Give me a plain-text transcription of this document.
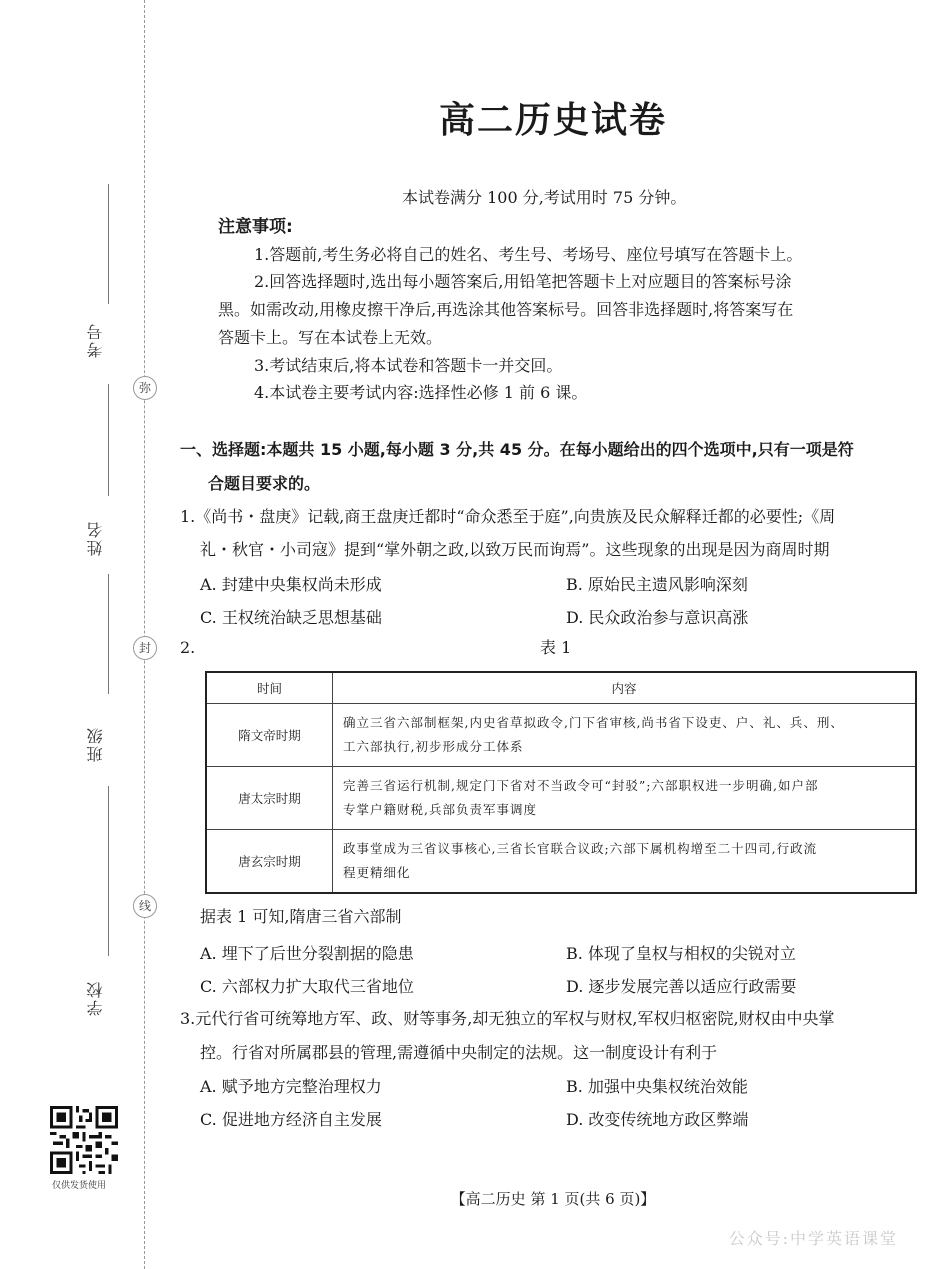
考号
姓名
班级
学校
弥
封
线
仅供发货使用
高二历史试卷
本试卷满分 100 分,考试用时 75 分钟。
注意事项:
1.答题前,考生务必将自己的姓名、考生号、考场号、座位号填写在答题卡上。
2.回答选择题时,选出每小题答案后,用铅笔把答题卡上对应题目的答案标号涂
黑。如需改动,用橡皮擦干净后,再选涂其他答案标号。回答非选择题时,将答案写在
答题卡上。写在本试卷上无效。
3.考试结束后,将本试卷和答题卡一并交回。
4.本试卷主要考试内容:选择性必修 1 前 6 课。
一、选择题:本题共 15 小题,每小题 3 分,共 45 分。在每小题给出的四个选项中,只有一项是符
合题目要求的。
1.《尚书・盘庚》记载,商王盘庚迁都时“命众悉至于庭”,向贵族及民众解释迁都的必要性;《周
礼・秋官・小司寇》提到“掌外朝之政,以致万民而询焉”。这些现象的出现是因为商周时期
A. 封建中央集权尚未形成	B. 原始民主遗风影响深刻
C. 王权统治缺乏思想基础	D. 民众政治参与意识高涨
2.	表 1
时间	内容
隋文帝时期	确立三省六部制框架,内史省草拟政令,门下省审核,尚书省下设吏、户、礼、兵、刑、
工六部执行,初步形成分工体系

唐太宗时期	完善三省运行机制,规定门下省对不当政令可“封驳”;六部职权进一步明确,如户部
专掌户籍财税,兵部负责军事调度

唐玄宗时期	政事堂成为三省议事核心,三省长官联合议政;六部下属机构增至二十四司,行政流
程更精细化
据表 1 可知,隋唐三省六部制
A. 埋下了后世分裂割据的隐患	B. 体现了皇权与相权的尖锐对立
C. 六部权力扩大取代三省地位	D. 逐步发展完善以适应行政需要
3.元代行省可统筹地方军、政、财等事务,却无独立的军权与财权,军权归枢密院,财权由中央掌
控。行省对所属郡县的管理,需遵循中央制定的法规。这一制度设计有利于
A. 赋予地方完整治理权力	B. 加强中央集权统治效能
C. 促进地方经济自主发展	D. 改变传统地方政区弊端
【高二历史 第 1 页(共 6 页)】
公众号:中学英语课堂
